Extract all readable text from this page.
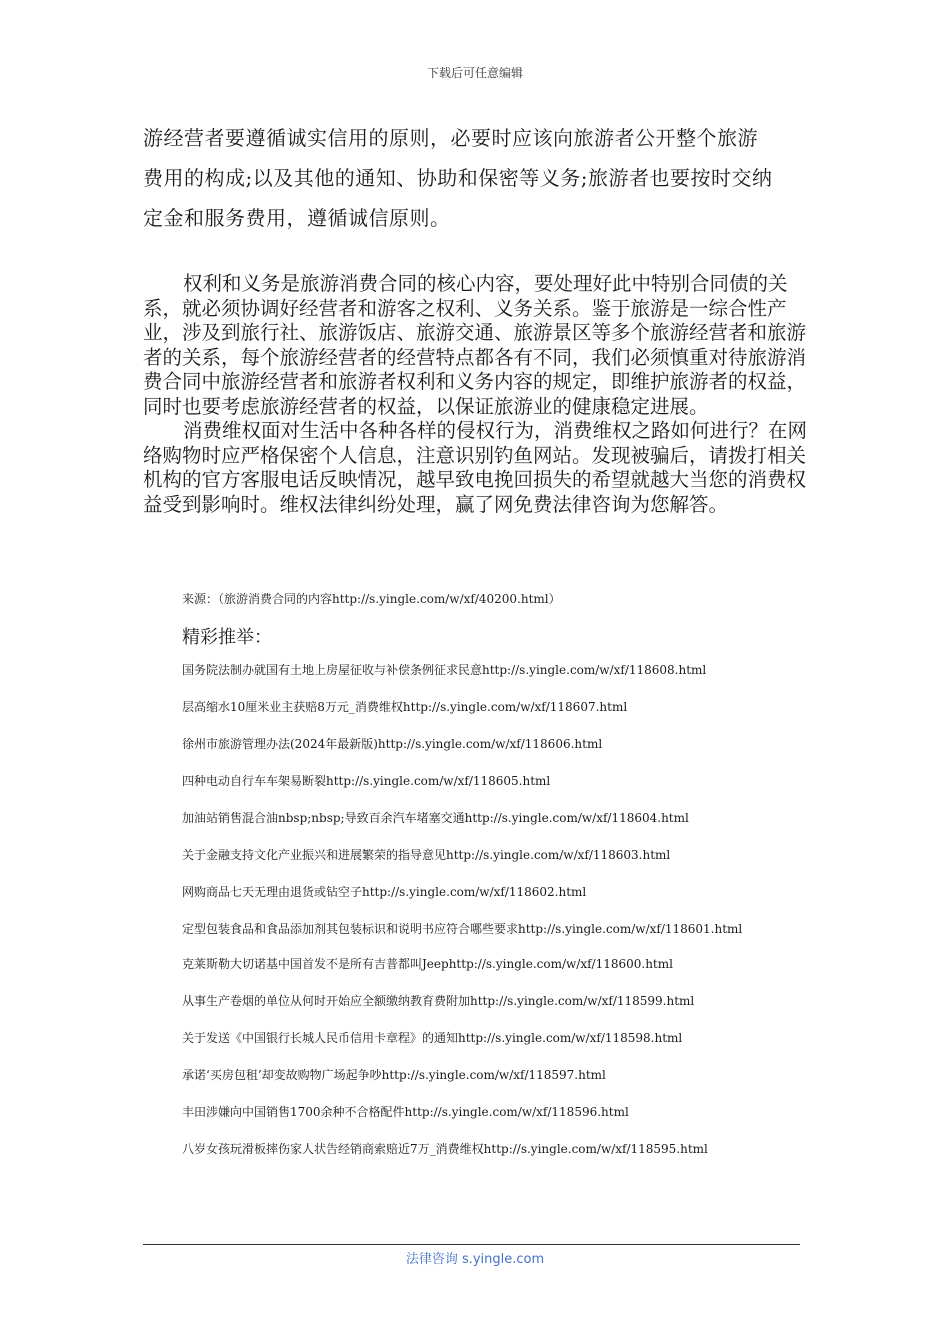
下载后可任意编辑

游经营者要遵循诚实信用的原则，必要时应该向旅游者公开整个旅游

费用的构成;以及其他的通知、协助和保密等义务;旅游者也要按时交纳

定金和服务费用，遵循诚信原则。

权利和义务是旅游消费合同的核心内容，要处理好此中特别合同债的关系，就必须协调好经营者和游客之权利、义务关系。鉴于旅游是一综合性产业，涉及到旅行社、旅游饭店、旅游交通、旅游景区等多个旅游经营者和旅游者的关系，每个旅游经营者的经营特点都各有不同，我们必须慎重对待旅游消费合同中旅游经营者和旅游者权利和义务内容的规定，即维护旅游者的权益，同时也要考虑旅游经营者的权益，以保证旅游业的健康稳定进展。

消费维权面对生活中各种各样的侵权行为，消费维权之路如何进行？在网络购物时应严格保密个人信息，注意识别钓鱼网站。发现被骗后，请拨打相关机构的官方客服电话反映情况，越早致电挽回损失的希望就越大当您的消费权益受到影响时。维权法律纠纷处理，赢了网免费法律咨询为您解答。

来源：（旅游消费合同的内容http://s.yingle.com/w/xf/40200.html）
精彩推举：
国务院法制办就国有土地上房屋征收与补偿条例征求民意http://s.yingle.com/w/xf/118608.html
层高缩水10厘米业主获赔8万元_消费维权http://s.yingle.com/w/xf/118607.html
徐州市旅游管理办法(2024年最新版)http://s.yingle.com/w/xf/118606.html
四种电动自行车车架易断裂http://s.yingle.com/w/xf/118605.html
加油站销售混合油nbsp;nbsp;导致百余汽车堵塞交通http://s.yingle.com/w/xf/118604.html
关于金融支持文化产业振兴和进展繁荣的指导意见http://s.yingle.com/w/xf/118603.html
网购商品七天无理由退货或钻空子http://s.yingle.com/w/xf/118602.html
定型包装食品和食品添加剂其包装标识和说明书应符合哪些要求http://s.yingle.com/w/xf/118601.html
克莱斯勒大切诺基中国首发不是所有吉普都叫Jeephttp://s.yingle.com/w/xf/118600.html
从事生产卷烟的单位从何时开始应全额缴纳教育费附加http://s.yingle.com/w/xf/118599.html
关于发送《中国银行长城人民币信用卡章程》的通知http://s.yingle.com/w/xf/118598.html
承诺‘买房包租’却变故购物广场起争吵http://s.yingle.com/w/xf/118597.html
丰田涉嫌向中国销售1700余种不合格配件http://s.yingle.com/w/xf/118596.html
八岁女孩玩滑板摔伤家人状告经销商索赔近7万_消费维权http://s.yingle.com/w/xf/118595.html
法律咨询 s.yingle.com
